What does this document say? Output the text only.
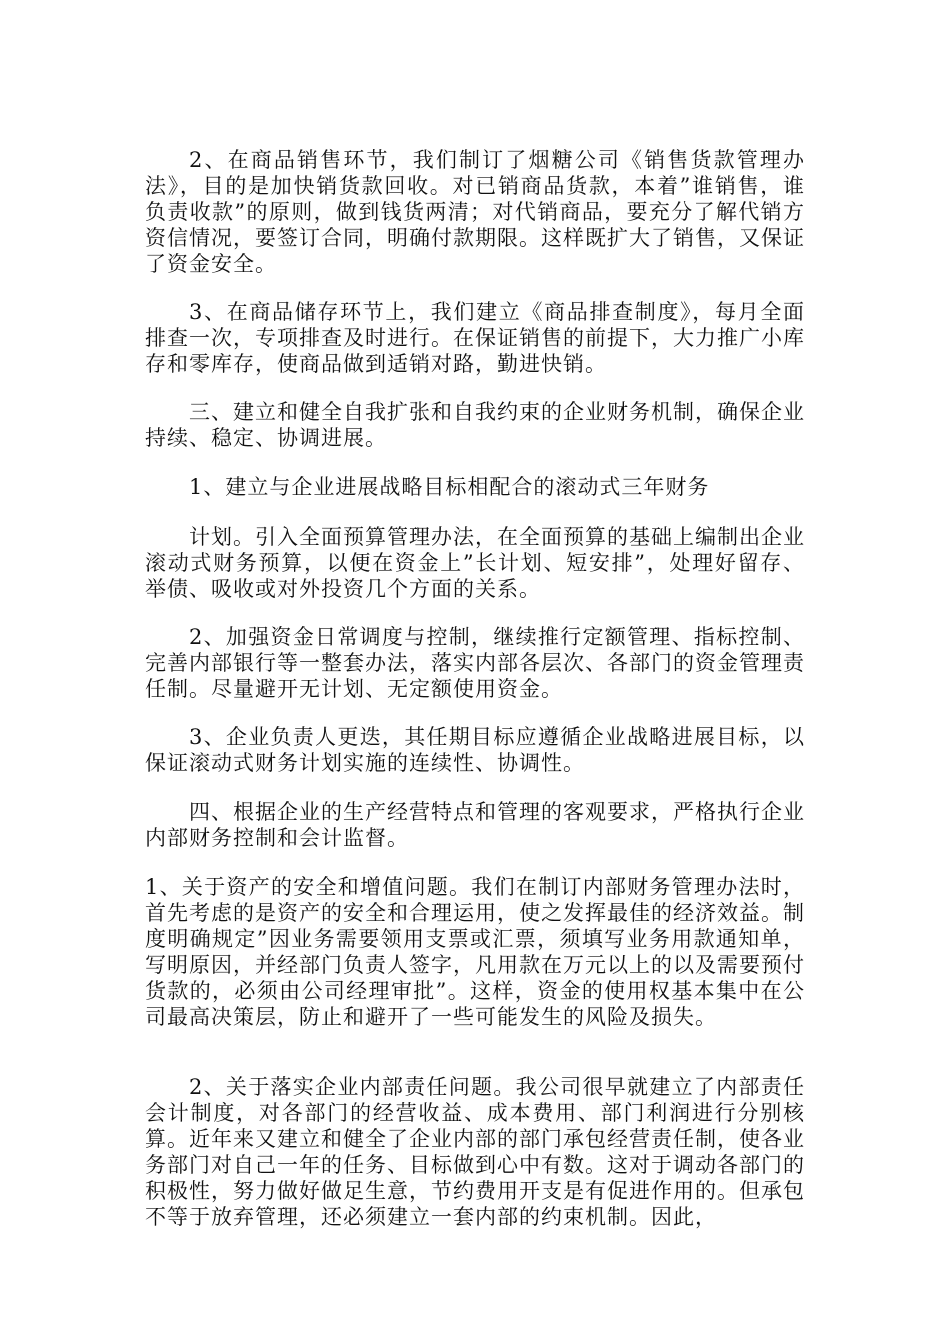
2、在商品销售环节，我们制订了烟糖公司《销售货款管理办法》，目的是加快销货款回收。对已销商品货款，本着”谁销售，谁负责收款”的原则，做到钱货两清；对代销商品，要充分了解代销方资信情况，要签订合同，明确付款期限。这样既扩大了销售，又保证了资金安全。

3、在商品储存环节上，我们建立《商品排查制度》，每月全面排查一次，专项排查及时进行。在保证销售的前提下，大力推广小库存和零库存，使商品做到适销对路，勤进快销。

三、建立和健全自我扩张和自我约束的企业财务机制，确保企业持续、稳定、协调进展。

1、建立与企业进展战略目标相配合的滚动式三年财务

计划。引入全面预算管理办法，在全面预算的基础上编制出企业滚动式财务预算，以便在资金上”长计划、短安排”，处理好留存、举债、吸收或对外投资几个方面的关系。

2、加强资金日常调度与控制，继续推行定额管理、指标控制、完善内部银行等一整套办法，落实内部各层次、各部门的资金管理责任制。尽量避开无计划、无定额使用资金。

3、企业负责人更迭，其任期目标应遵循企业战略进展目标，以保证滚动式财务计划实施的连续性、协调性。

四、根据企业的生产经营特点和管理的客观要求，严格执行企业内部财务控制和会计监督。

1、关于资产的安全和增值问题。我们在制订内部财务管理办法时，首先考虑的是资产的安全和合理运用，使之发挥最佳的经济效益。制度明确规定”因业务需要领用支票或汇票，须填写业务用款通知单，写明原因，并经部门负责人签字，凡用款在万元以上的以及需要预付货款的，必须由公司经理审批”。这样，资金的使用权基本集中在公司最高决策层，防止和避开了一些可能发生的风险及损失。

2、关于落实企业内部责任问题。我公司很早就建立了内部责任会计制度，对各部门的经营收益、成本费用、部门利润进行分别核算。近年来又建立和健全了企业内部的部门承包经营责任制，使各业务部门对自己一年的任务、目标做到心中有数。这对于调动各部门的积极性，努力做好做足生意，节约费用开支是有促进作用的。但承包不等于放弃管理，还必须建立一套内部的约束机制。因此，
